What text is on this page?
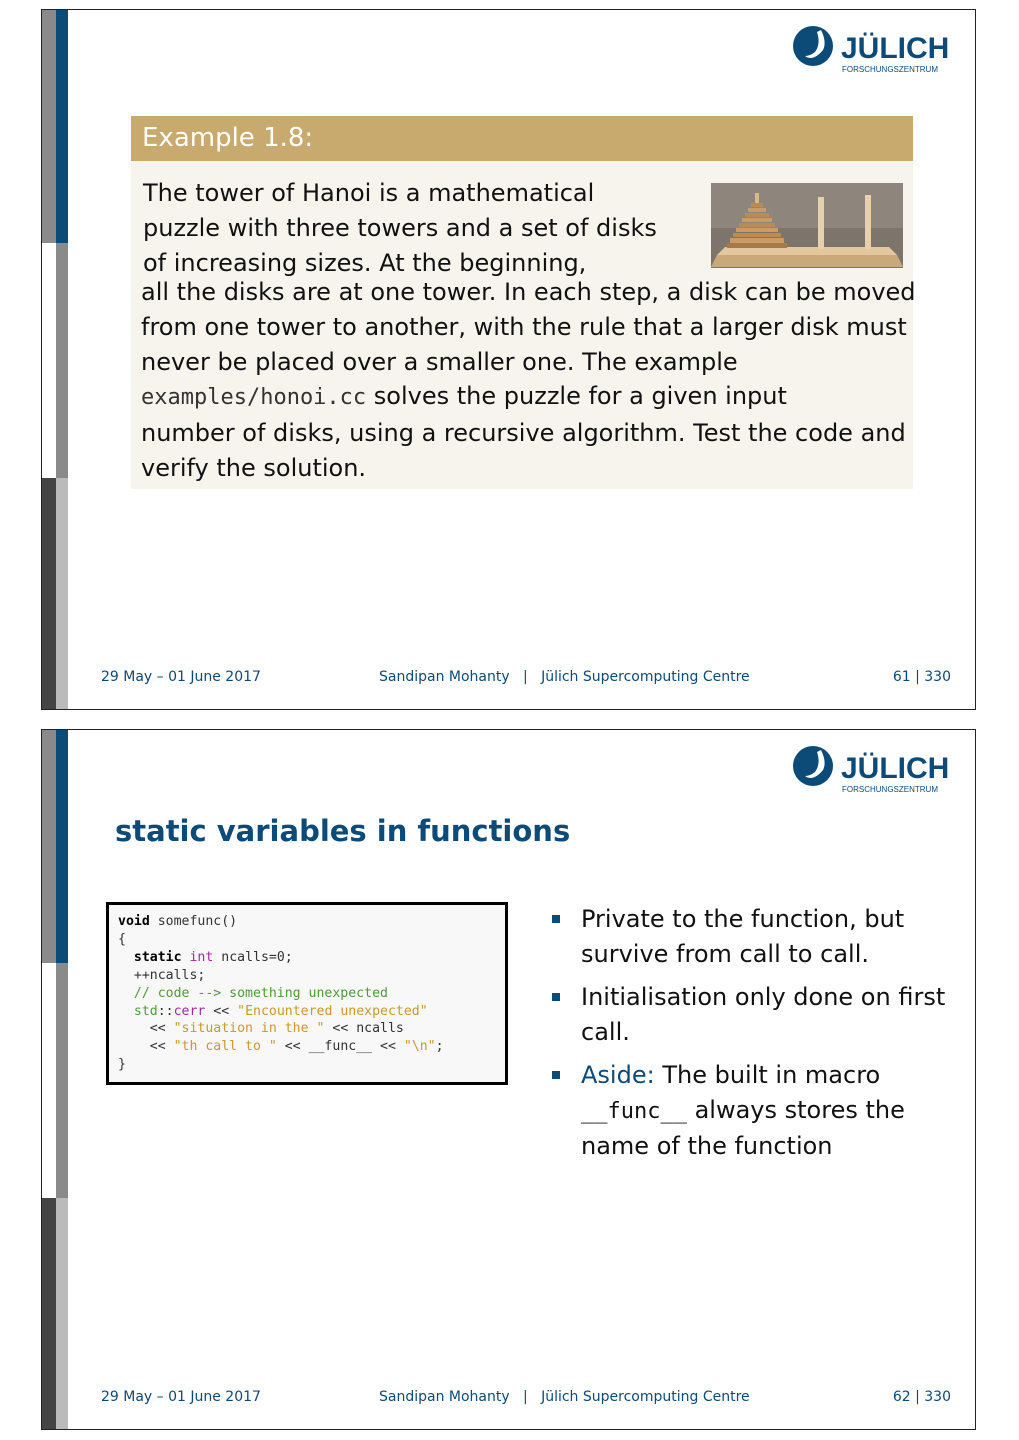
JÜLICH
FORSCHUNGSZENTRUM
Example 1.8:
The tower of Hanoi is a mathematical
puzzle with three towers and a set of disks
of increasing sizes. At the beginning,
all the disks are at one tower. In each step, a disk can be moved
from one tower to another, with the rule that a larger disk must
never be placed over a smaller one. The example
examples/honoi.cc solves the puzzle for a given input
number of disks, using a recursive algorithm. Test the code and
verify the solution.
29 May – 01 June 2017	Sandipan Mohanty   |   Jülich Supercomputing Centre	61 | 330
JÜLICH
FORSCHUNGSZENTRUM
static variables in functions
void somefunc()
{
static int ncalls=0;
++ncalls;
// code --> something unexpected
std::cerr << "Encountered unexpected"
<< "situation in the " << ncalls
<< "th call to " << __func__ << "\n";
}
Private to the function, but survive from call to call.
Initialisation only done on first call.
Aside: The built in macro __func__ always stores the name of the function
29 May – 01 June 2017	Sandipan Mohanty   |   Jülich Supercomputing Centre	62 | 330
